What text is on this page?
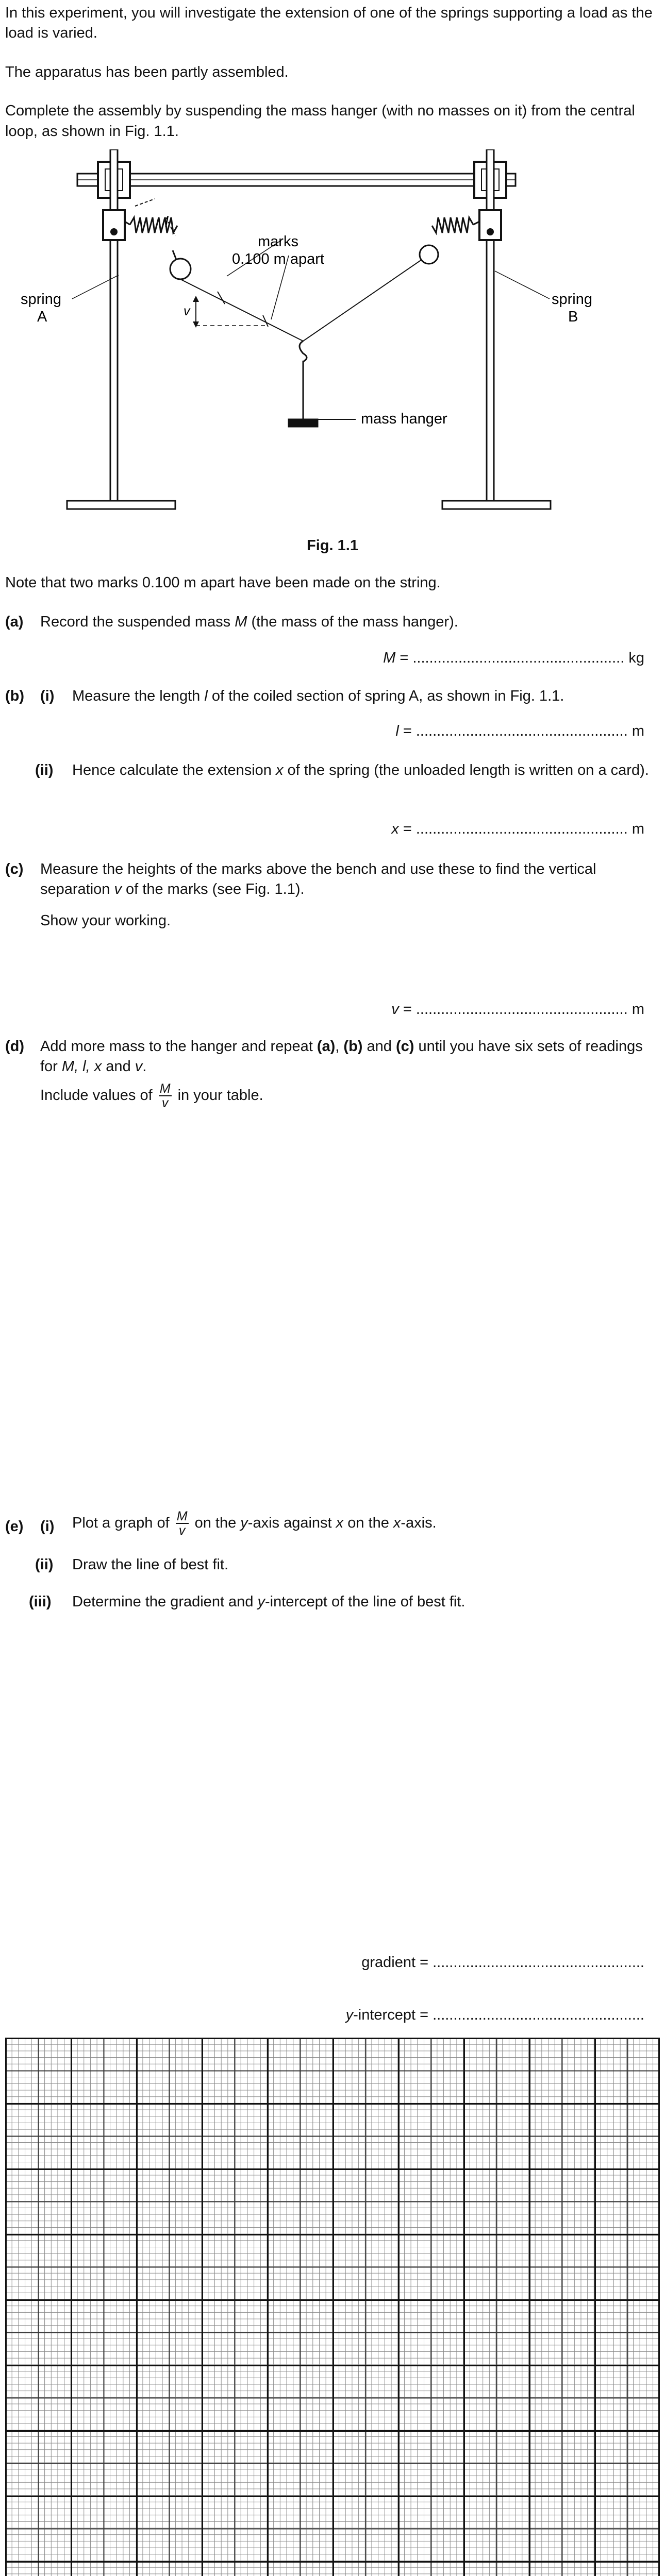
In this experiment, you will investigate the extension of one of the springs supporting a load as the load is varied.

The apparatus has been partly assembled.

Complete the assembly by suspending the mass hanger (with no masses on it) from the central loop, as shown in Fig. 1.1.

l
marks
0.100 m apart
v
spring
A
spring
B
mass hanger
Fig. 1.1

Note that two marks 0.100 m apart have been made on the string.

(a) Record the suspended mass M (the mass of the mass hanger).
M = ................................................... kg
(b) (i) Measure the length l of the coiled section of spring A, as shown in Fig. 1.1.
l = ................................................... m
(ii) Hence calculate the extension x of the spring (the unloaded length is written on a card).
x = ................................................... m
(c) Measure the heights of the marks above the bench and use these to find the vertical separation v of the marks (see Fig. 1.1).

Show your working.

v = ................................................... m
(d) Add more mass to the hanger and repeat (a), (b) and (c) until you have six sets of readings for M, l, x and v.
Include values of $\frac{M}{v}$ in your table.
(e) (i) Plot a graph of $\frac{M}{v}$ on the y-axis against x on the x-axis.
(ii) Draw the line of best fit.
(iii) Determine the gradient and y-intercept of the line of best fit.
gradient = ...................................................
y-intercept = ...................................................
